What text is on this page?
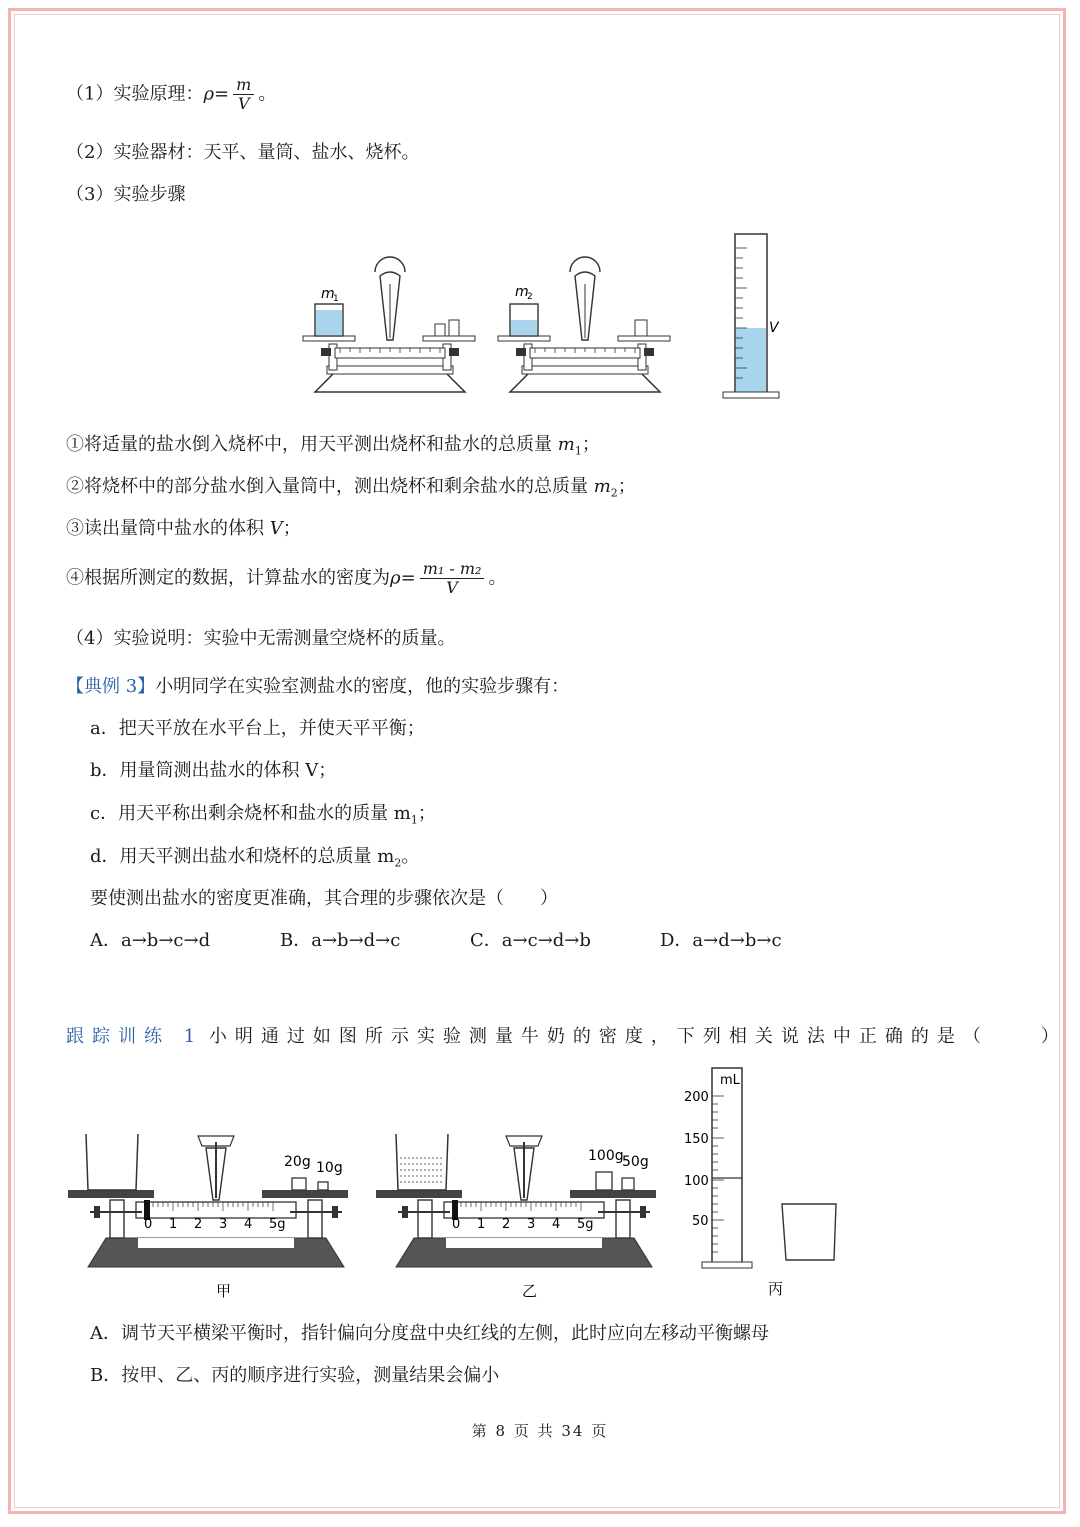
（1）实验原理：$\rho= \frac{m}{V}$ 。
（2）实验器材：天平、量筒、盐水、烧杯。
（3）实验步骤
m
1	m
2
V
①将适量的盐水倒入烧杯中，用天平测出烧杯和盐水的总质量 $m_1$；
②将烧杯中的部分盐水倒入量筒中，测出烧杯和剩余盐水的总质量 $m_2$；
③读出量筒中盐水的体积 V；
④根据所测定的数据，计算盐水的密度为$\rho= \frac{\text{m₁ - m₂}}{V}$ 。
（4）实验说明：实验中无需测量空烧杯的质量。
【典例 3】小明同学在实验室测盐水的密度，他的实验步骤有：
a．把天平放在水平台上，并使天平平衡；
b．用量筒测出盐水的体积 V；
c．用天平称出剩余烧杯和盐水的质量 $m_1$；
d．用天平测出盐水和烧杯的总质量 $m_2$。
要使测出盐水的密度更准确，其合理的步骤依次是（　　）
A．a→b→c→d	B．a→b→d→c	C．a→c→d→b	D．a→d→b→c
跟踪训练 1 小明通过如图所示实验测量牛奶的密度，下列相关说法中正确的是（　　）
20g 10g
0 1 2 3 4 5g
甲
100g
50g
0 1 2 3 4 5g
乙
mL
200
150
100
50
丙
A．调节天平横梁平衡时，指针偏向分度盘中央红线的左侧，此时应向左移动平衡螺母
B．按甲、乙、丙的顺序进行实验，测量结果会偏小
第 8 页 共 34 页
